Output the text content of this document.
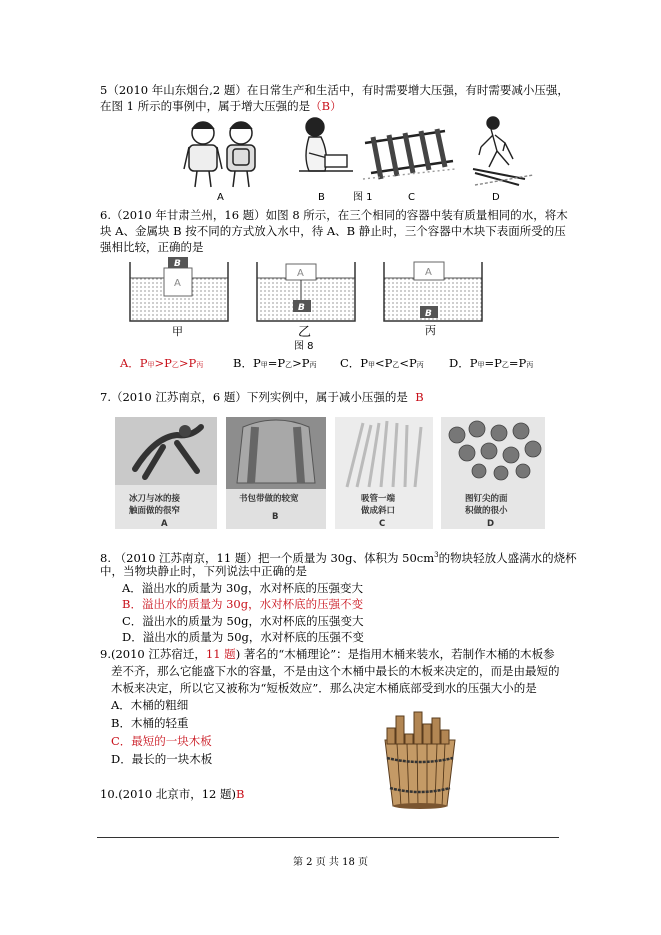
5（2010 年山东烟台,2 题）在日常生产和生活中，有时需要增大压强，有时需要减小压强，
在图 1 所示的事例中，属于增大压强的是（B）
A	B	图 1	C	D
6.（2010 年甘肃兰州，16 题）如图 8 所示，在三个相同的容器中装有质量相同的水，将木
块 A、金属块 B 按不同的方式放入水中，待 A、B 静止时，三个容器中木块下表面所受的压
强相比较，正确的是
A
B
甲
A
B
乙
图 8
A
B
丙
A．P甲>P乙>P丙	B．P甲=P乙>P丙 C．P甲<P乙<P丙 D．P甲=P乙=P丙
7.（2010 江苏南京，6 题）下列实例中，属于减小压强的是 B
冰刀与冰的接
触面做的很窄
A
书包带做的较宽
B
吸管一端
做成斜口
C
图钉尖的面
积做的很小
D
8. （2010 江苏南京，11 题）把一个质量为 30g、体积为 $50cm^3$的物块轻放人盛满水的烧杯
中，当物块静止时，下列说法中正确的是
A．溢出水的质量为 30g，水对杯底的压强变大
B．溢出水的质量为 30g，水对杯底的压强不变
C．溢出水的质量为 50g，水对杯底的压强变大
D．溢出水的质量为 50g，水对杯底的压强不变
9.(2010 江苏宿迁，11 题) 著名的“木桶理论”：是指用木桶来装水，若制作木桶的木板参
差不齐，那么它能盛下水的容量，不是由这个木桶中最长的木板来决定的，而是由最短的
木板来决定，所以它又被称为“短板效应”．那么决定木桶底部受到水的压强大小的是
A．木桶的粗细
B．木桶的轻重
C．最短的一块木板
D．最长的一块木板
10.(2010 北京市，12 题)B
第 2 页 共 18 页
